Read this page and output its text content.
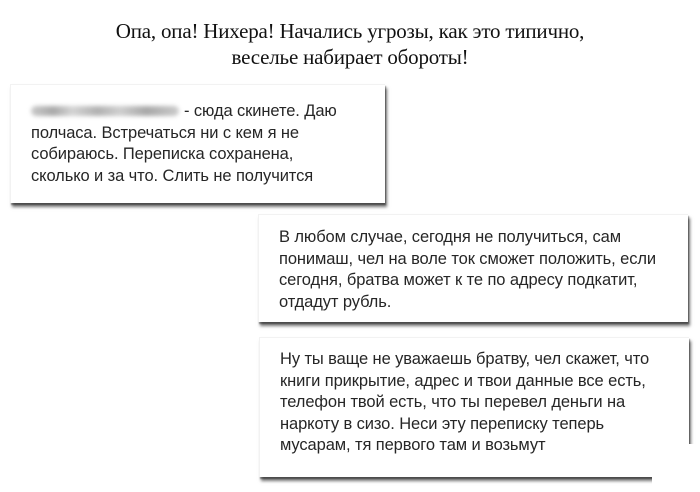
Опа, опа! Нихера! Начались угрозы, как это типично,
веселье набирает обороты!
- сюда скинете. Даю
полчаса. Встречаться ни с кем я не
собираюсь. Переписка сохранена,
сколько и за что. Слить не получится
В любом случае, сегодня не получиться, сам
понимаш, чел на воле ток сможет положить, если
сегодня, братва может к те по адресу подкатит,
отдадут рубль.
Ну ты ваще не уважаешь братву, чел скажет, что
книги прикрытие, адрес и твои данные все есть,
телефон твой есть, что ты перевел деньги на
наркоту в сизо. Неси эту переписку теперь
мусарам, тя первого там и возьмут
